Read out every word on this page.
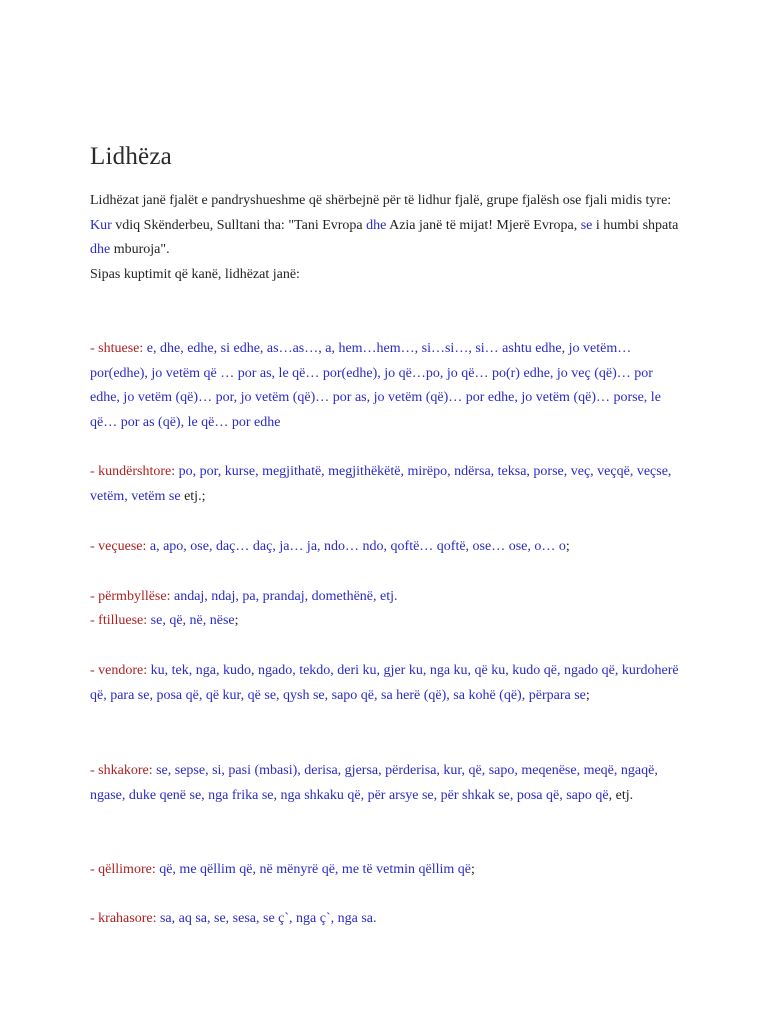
Lidhëza
Lidhëzat janë fjalët e pandryshueshme që shërbejnë për të lidhur fjalë, grupe fjalësh ose fjali midis tyre:
Kur vdiq Skënderbeu, Sulltani tha: "Tani Evropa dhe Azia janë të mijat! Mjerë Evropa, se i humbi shpata dhe mburoja".
Sipas kuptimit që kanë, lidhëzat janë:
- shtuese: e, dhe, edhe, si edhe, as…as…, a, hem…hem…, si…si…, si… ashtu edhe, jo vetëm… por(edhe), jo vetëm që … por as, le që… por(edhe), jo që…po, jo që… po(r) edhe, jo veç (që)… por edhe, jo vetëm (që)… por, jo vetëm (që)… por as, jo vetëm (që)… por edhe, jo vetëm (që)… porse, le që… por as (që), le që… por edhe
- kundërshtore: po, por, kurse, megjithatë, megjithëkëtë, mirëpo, ndërsa, teksa, porse, veç, veçqë, veçse, vetëm, vetëm se etj.;
- veçuese: a, apo, ose, daç… daç, ja… ja, ndo… ndo, qoftë… qoftë, ose… ose, o… o;
- përmbyllëse: andaj, ndaj, pa, prandaj, domethënë, etj.
- ftilluese: se, që, në, nëse;
- vendore: ku, tek, nga, kudo, ngado, tekdo, deri ku, gjer ku, nga ku, që ku, kudo që, ngado që, kurdoherë që, para se, posa që, që kur, që se, qysh se, sapo që, sa herë (që), sa kohë (që), përpara se;
- shkakore: se, sepse, si, pasi (mbasi), derisa, gjersa, përderisa, kur, që, sapo, meqenëse, meqë, ngaqë, ngase, duke qenë se, nga frika se, nga shkaku që, për arsye se, për shkak se, posa që, sapo që, etj.
- qëllimore: që, me qëllim që, në mënyrë që, me të vetmin qëllim që;
- krahasore: sa, aq sa, se, sesa, se ç`, nga ç`, nga sa.
